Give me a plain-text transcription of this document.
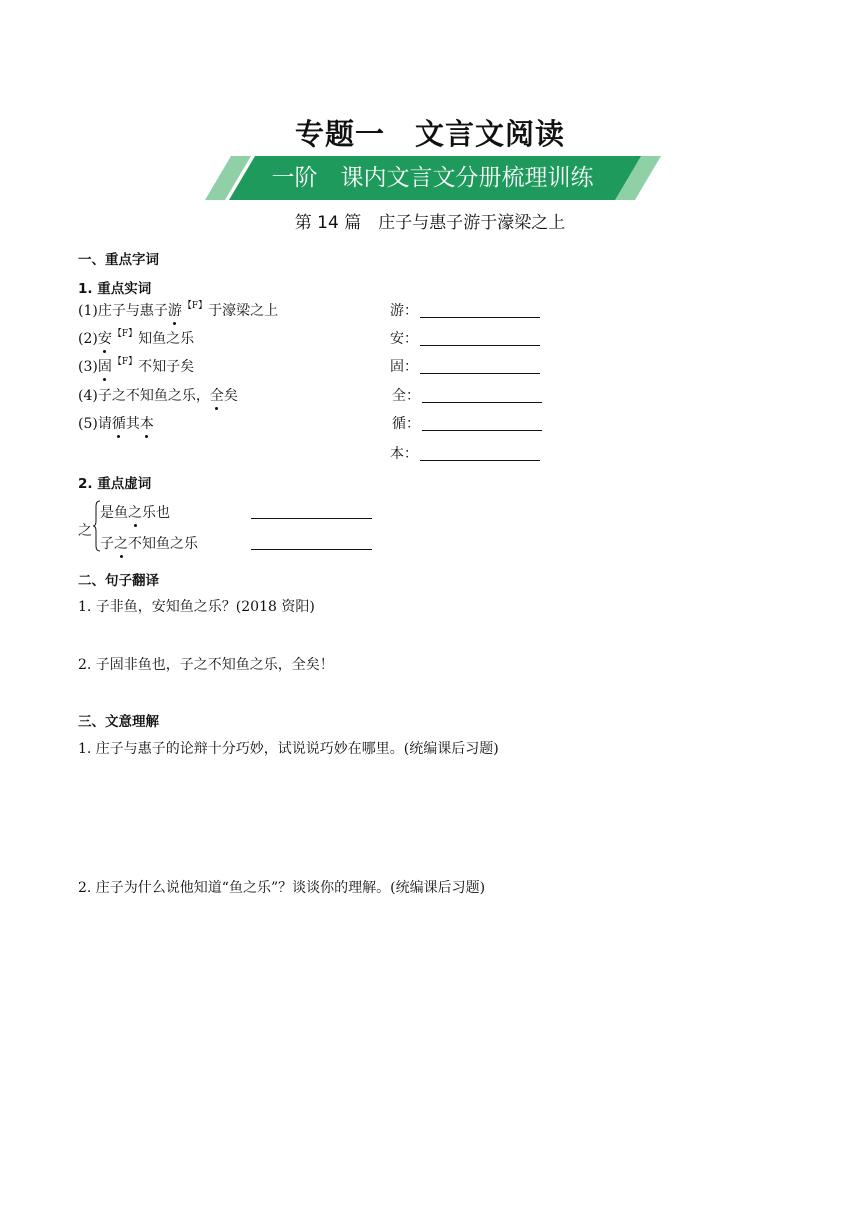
专题一　文言文阅读
一阶　课内文言文分册梳理训练
第 14 篇　庄子与惠子游于濠梁之上
一、重点字词
1. 重点实词
(1)庄子与惠子游$^{【F】}$于濠梁之上
(2)安$^{【F】}$知鱼之乐
(3)固$^{【F】}$不知子矣
(4)子之不知鱼之乐，全矣
(5)请循其本
游：
安：
固：
全：
循：
本：
2. 重点虚词
之
是鱼之乐也
子之不知鱼之乐
二、句子翻译
1. 子非鱼，安知鱼之乐？(2018 资阳)
2. 子固非鱼也，子之不知鱼之乐，全矣！
三、文意理解
1. 庄子与惠子的论辩十分巧妙，试说说巧妙在哪里。(统编课后习题)
2. 庄子为什么说他知道“鱼之乐”？谈谈你的理解。(统编课后习题)
